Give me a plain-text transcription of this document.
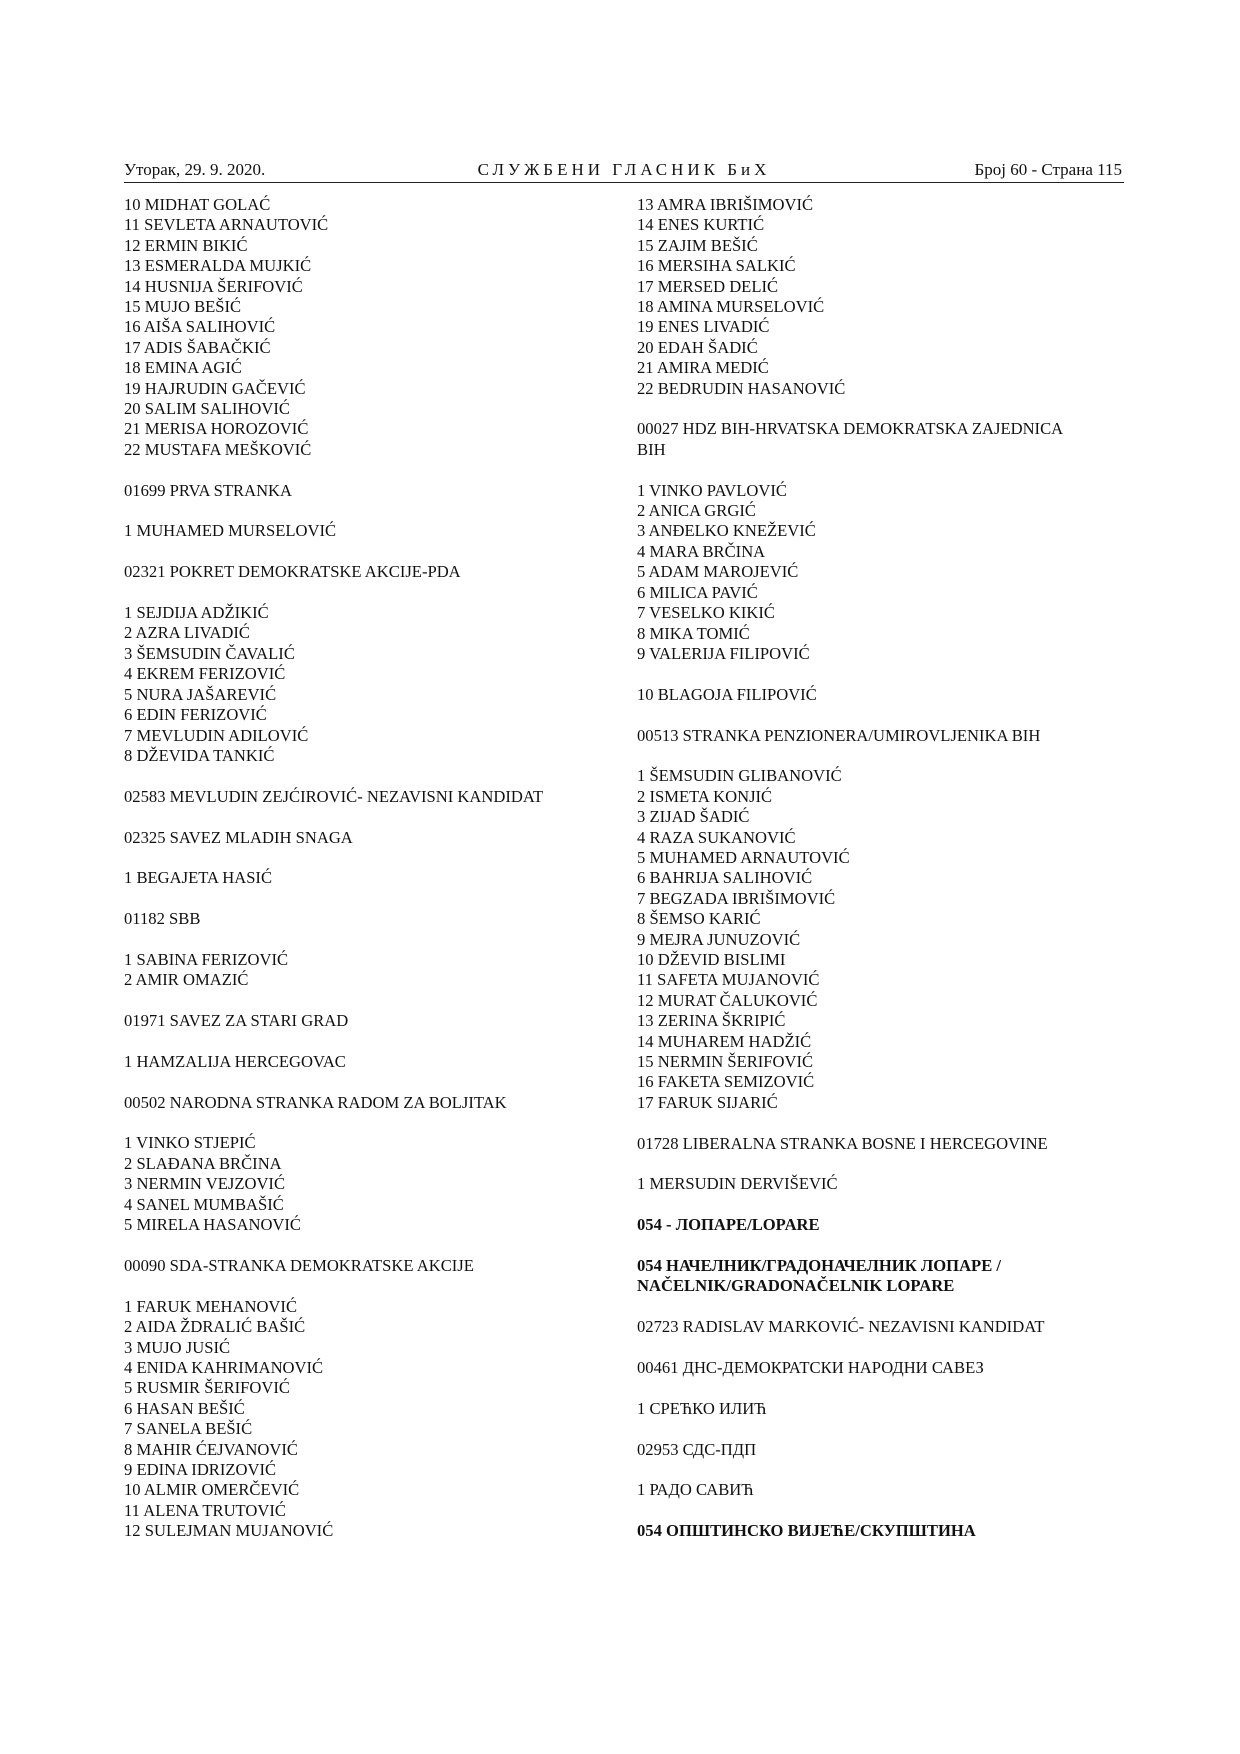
Уторак, 29. 9. 2020.	СЛУЖБЕНИ ГЛАСНИК БиХ	Број 60 - Страна 115
10 MIDHAT GOLAĆ
11 SEVLETA ARNAUTOVIĆ
12 ERMIN BIKIĆ
13 ESMERALDA MUJKIĆ
14 HUSNIJA ŠERIFOVIĆ
15 MUJO BEŠIĆ
16 AIŠA SALIHOVIĆ
17 ADIS ŠABAČKIĆ
18 EMINA AGIĆ
19 HAJRUDIN GAČEVIĆ
20 SALIM SALIHOVIĆ
21 MERISA HOROZOVIĆ
22 MUSTAFA MEŠKOVIĆ
01699 PRVA STRANKA
1 MUHAMED MURSELOVIĆ
02321 POKRET DEMOKRATSKE AKCIJE-PDA
1 SEJDIJA ADŽIKIĆ
2 AZRA LIVADIĆ
3 ŠEMSUDIN ČAVALIĆ
4 EKREM FERIZOVIĆ
5 NURA JAŠAREVIĆ
6 EDIN FERIZOVIĆ
7 MEVLUDIN ADILOVIĆ
8 DŽEVIDA TANKIĆ
02583 MEVLUDIN ZEJĆIROVIĆ- NEZAVISNI KANDIDAT
02325 SAVEZ MLADIH SNAGA
1 BEGAJETA HASIĆ
01182 SBB
1 SABINA FERIZOVIĆ
2 AMIR OMAZIĆ
01971 SAVEZ ZA STARI GRAD
1 HAMZALIJA HERCEGOVAC
00502 NARODNA STRANKA RADOM ZA BOLJITAK
1 VINKO STJEPIĆ
2 SLAĐANA BRČINA
3 NERMIN VEJZOVIĆ
4 SANEL MUMBAŠIĆ
5 MIRELA HASANOVIĆ
00090 SDA-STRANKA DEMOKRATSKE AKCIJE
1 FARUK MEHANOVIĆ
2 AIDA ŽDRALIĆ BAŠIĆ
3 MUJO JUSIĆ
4 ENIDA KAHRIMANOVIĆ
5 RUSMIR ŠERIFOVIĆ
6 HASAN BEŠIĆ
7 SANELA BEŠIĆ
8 MAHIR ĆEJVANOVIĆ
9 EDINA IDRIZOVIĆ
10 ALMIR OMERČEVIĆ
11 ALENA TRUTOVIĆ
12 SULEJMAN MUJANOVIĆ
13 AMRA IBRIŠIMOVIĆ
14 ENES KURTIĆ
15 ZAJIM BEŠIĆ
16 MERSIHA SALKIĆ
17 MERSED DELIĆ
18 AMINA MURSELOVIĆ
19 ENES LIVADIĆ
20 EDAH ŠADIĆ
21 AMIRA MEDIĆ
22 BEDRUDIN HASANOVIĆ
00027 HDZ BIH-HRVATSKA DEMOKRATSKA ZAJEDNICA
BIH
1 VINKO PAVLOVIĆ
2 ANICA GRGIĆ
3 ANĐELKO KNEŽEVIĆ
4 MARA BRČINA
5 ADAM MAROJEVIĆ
6 MILICA PAVIĆ
7 VESELKO KIKIĆ
8 MIKA TOMIĆ
9 VALERIJA FILIPOVIĆ
10 BLAGOJA FILIPOVIĆ
00513 STRANKA PENZIONERA/UMIROVLJENIKA BIH
1 ŠEMSUDIN GLIBANOVIĆ
2 ISMETA KONJIĆ
3 ZIJAD ŠADIĆ
4 RAZA SUKANOVIĆ
5 MUHAMED ARNAUTOVIĆ
6 BAHRIJA SALIHOVIĆ
7 BEGZADA IBRIŠIMOVIĆ
8 ŠEMSO KARIĆ
9 MEJRA JUNUZOVIĆ
10 DŽEVID BISLIMI
11 SAFETA MUJANOVIĆ
12 MURAT ČALUKOVIĆ
13 ZERINA ŠKRIPIĆ
14 MUHAREM HADŽIĆ
15 NERMIN ŠERIFOVIĆ
16 FAKETA SEMIZOVIĆ
17 FARUK SIJARIĆ
01728 LIBERALNA STRANKA BOSNE I HERCEGOVINE
1 MERSUDIN DERVIŠEVIĆ
054 - ЛОПАРЕ/LOPARE
054 НАЧЕЛНИК/ГРАДОНАЧЕЛНИК ЛОПАРЕ /
NAČELNIK/GRADONAČELNIK LOPARE
02723 RADISLAV MARKOVIĆ- NEZAVISNI KANDIDAT
00461 ДНС-ДЕМОКРАТСКИ НАРОДНИ САВЕЗ
1 СРЕЋКО ИЛИЋ
02953 СДС-ПДП
1 РАДО САВИЋ
054 ОПШТИНСКО ВИЈЕЋЕ/СКУПШТИНА
